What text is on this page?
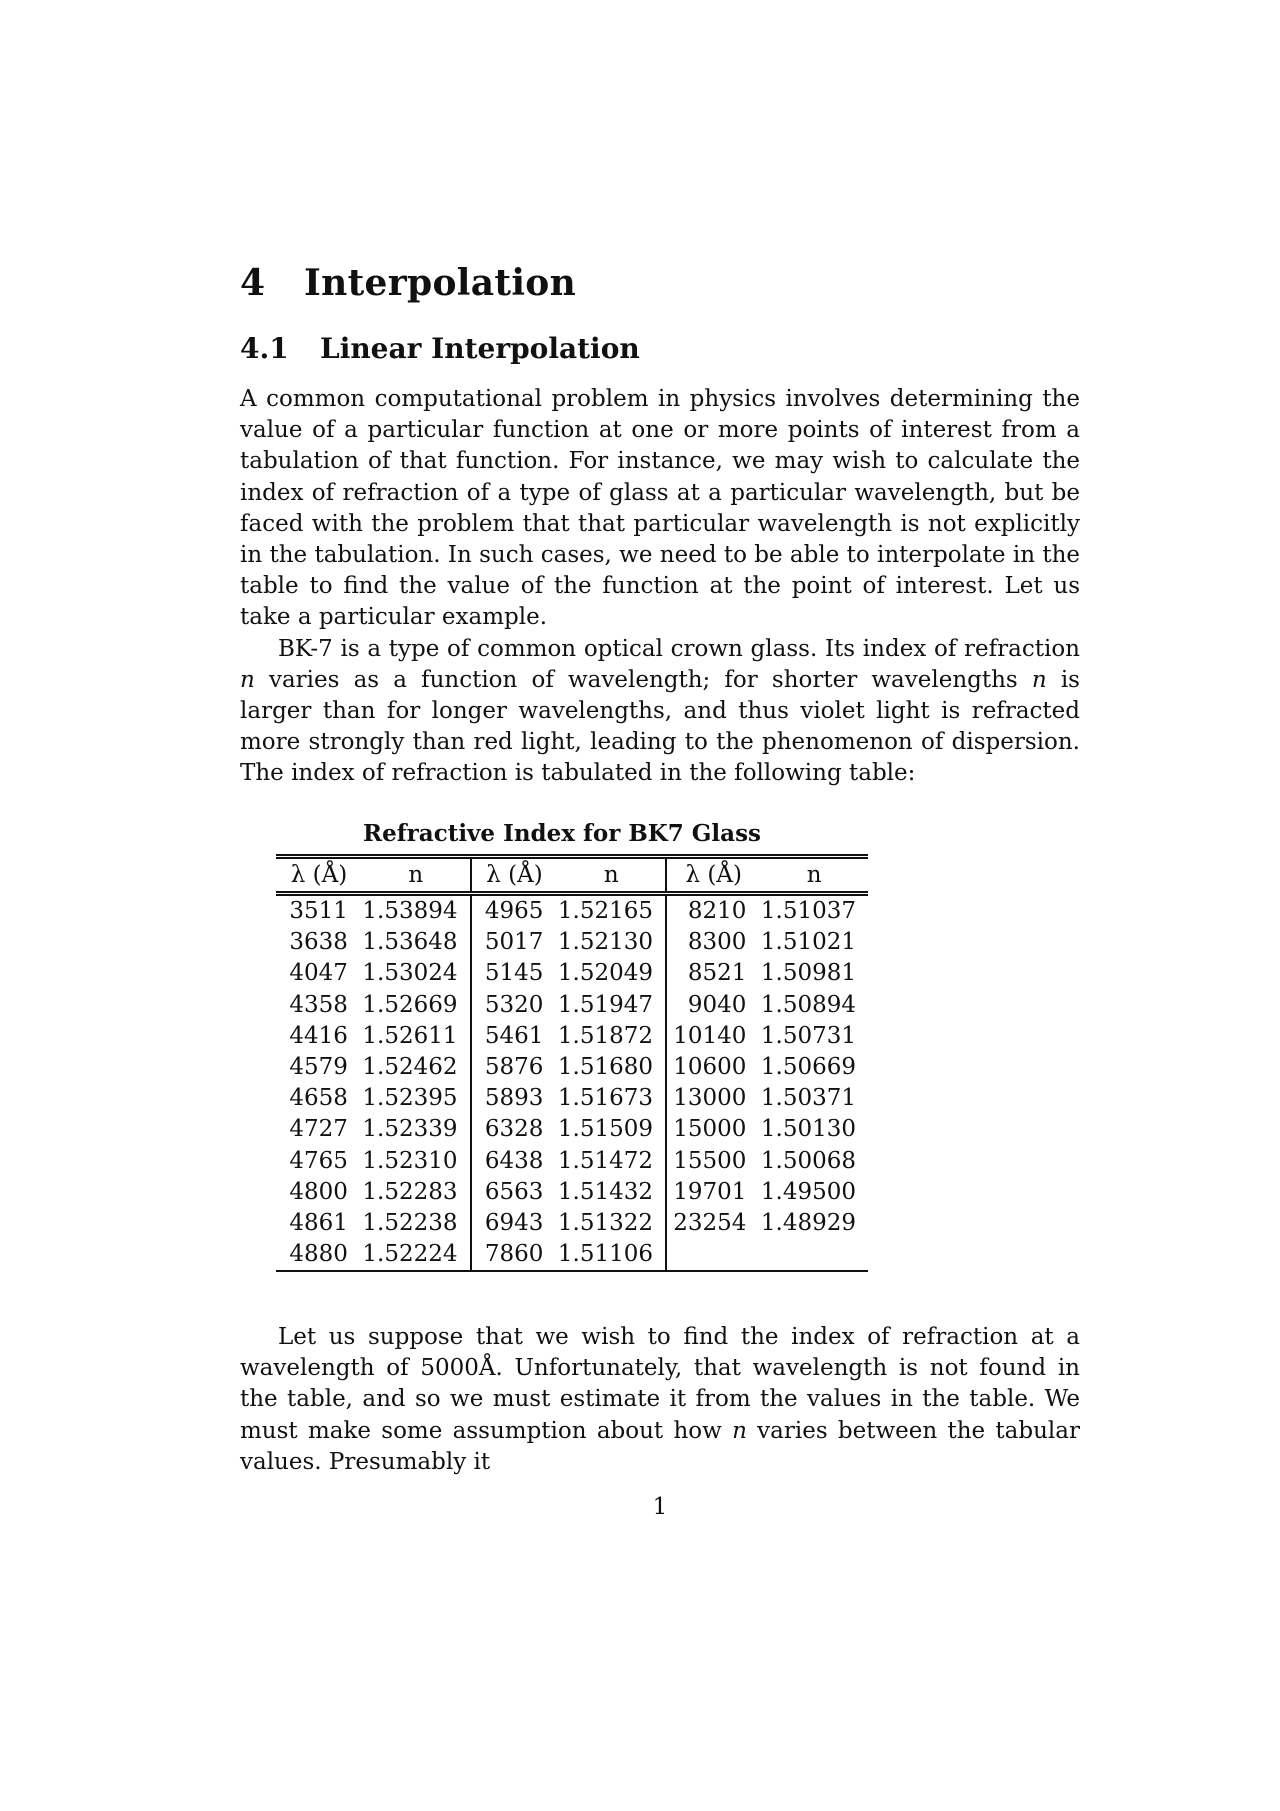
4 Interpolation
4.1 Linear Interpolation

A common computational problem in physics involves determining the value of a particular function at one or more points of interest from a tabulation of that function. For instance, we may wish to calculate the index of refraction of a type of glass at a particular wavelength, but be faced with the problem that that particular wavelength is not explicitly in the tabulation. In such cases, we need to be able to interpolate in the table to find the value of the function at the point of interest. Let us take a particular example.

BK-7 is a type of common optical crown glass. Its index of refraction n varies as a function of wavelength; for shorter wavelengths n is larger than for longer wavelengths, and thus violet light is refracted more strongly than red light, leading to the phenomenon of dispersion. The index of refraction is tabulated in the following table:

Refractive Index for BK7 Glass
λ (Å)	n	λ (Å)	n	λ (Å)	n
3511	1.53894	4965	1.52165	8210	1.51037
3638	1.53648	5017	1.52130	8300	1.51021
4047	1.53024	5145	1.52049	8521	1.50981
4358	1.52669	5320	1.51947	9040	1.50894
4416	1.52611	5461	1.51872	10140	1.50731
4579	1.52462	5876	1.51680	10600	1.50669
4658	1.52395	5893	1.51673	13000	1.50371
4727	1.52339	6328	1.51509	15000	1.50130
4765	1.52310	6438	1.51472	15500	1.50068
4800	1.52283	6563	1.51432	19701	1.49500
4861	1.52238	6943	1.51322	23254	1.48929
4880	1.52224	7860	1.51106		

Let us suppose that we wish to find the index of refraction at a wavelength of 5000Å. Unfortunately, that wavelength is not found in the table, and so we must estimate it from the values in the table. We must make some assumption about how n varies between the tabular values. Presumably it

1
